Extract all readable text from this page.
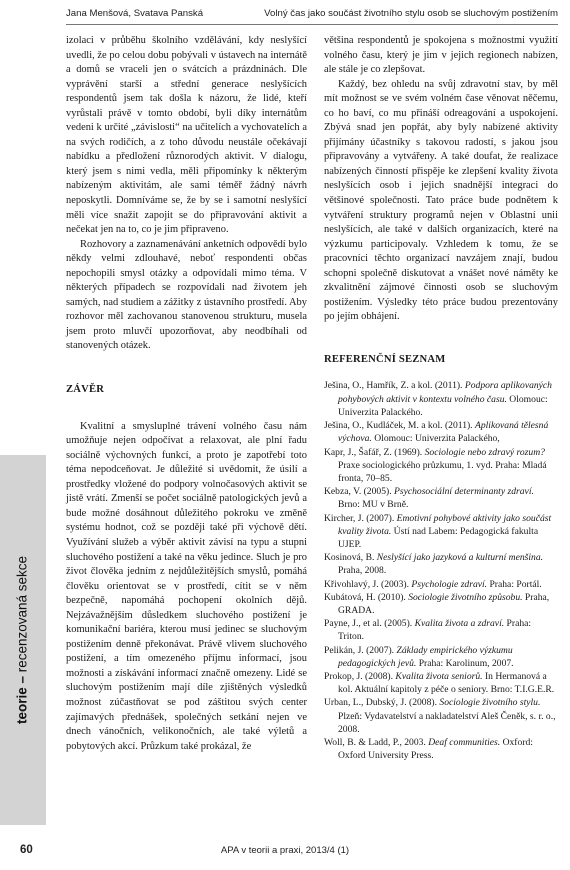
Jana Menšová, Svatava Panská	Volný čas jako součást životního stylu osob se sluchovým postižením
teorie – recenzovaná sekce

izolaci v průběhu školního vzdělávání, kdy neslyšící uvedli, že po celou dobu pobývali v ústavech na internátě a domů se vraceli jen o svátcích a prázdninách. Dle vyprávění starší a střední generace neslyšících respondentů jsem tak došla k názoru, že lidé, kteří vyrůstali právě v tomto období, byli díky internátům vedeni k určité „závislosti“ na učitelích a vychovatelích a na svých rodičích, a z toho důvodu neustále očekávají nabídku a předložení různorodých aktivit. V dialogu, který jsem s nimi vedla, měli připomínky k některým nabízeným aktivitám, ale sami téměř žádný návrh neposkytli. Domníváme se, že by se i samotní neslyšící měli více snažit zapojit se do připravování aktivit a nečekat jen na to, co je jim připraveno.

Rozhovory a zaznamenávání anketních odpovědí bylo někdy velmi zdlouhavé, neboť respondenti občas nepochopili smysl otázky a odpovídali mimo téma. V některých případech se rozpovídali nad životem jeh samých, nad studiem a zážitky z ústavního prostředí. Aby rozhovor měl zachovanou stanovenou strukturu, musela jsem proto mluvčí upozorňovat, aby neodbíhali od stanovených otázek.

ZÁVĚR

Kvalitní a smysluplné trávení volného času nám umožňuje nejen odpočívat a relaxovat, ale plní řadu sociálně výchovných funkcí, a proto je zapotřebí toto téma nepodceňovat. Je důležité si uvědomit, že úsilí a prostředky vložené do podpory volnočasových aktivit se jistě vrátí. Zmenší se počet sociálně patologických jevů a bude možné dosáhnout důležitého pokroku ve změně systému hodnot, což se později také při výchově dětí. Využívání služeb a výběr aktivit závisí na typu a stupni sluchového postižení a také na věku jedince. Sluch je pro život člověka jedním z nejdůležitějších smyslů, pomáhá člověku orientovat se v prostředí, cítit se v něm bezpečně, napomáhá pochopení okolních dějů. Nejzávažnějším důsledkem sluchového postižení je komunikační bariéra, kterou musí jedinec se sluchovým postižením denně překonávat. Právě vlivem sluchového postižení, a tím omezeného příjmu informací, jsou možnosti a získávání informací značně omezeny. Lidé se sluchovým postižením mají díle zjištěných výsledků možnost zúčastňovat se pod záštitou svých center zajímavých přednášek, společných setkání nejen ve dnech vánočních, velikonočních, ale také výletů a pobytových akcí. Průzkum také prokázal, že

většina respondentů je spokojena s možnostmi využití volného času, který je jim v jejich regionech nabízen, ale stále je co zlepšovat.

Každý, bez ohledu na svůj zdravotní stav, by měl mít možnost se ve svém volném čase věnovat něčemu, co ho baví, co mu přináší odreagování a uspokojení. Zbývá snad jen popřát, aby byly nabízené aktivity přijímány účastníky s takovou radostí, s jakou jsou připravovány a vytvářeny. A také doufat, že realizace nabízených činností přispěje ke zlepšení kvality života neslyšících osob i jejich snadnější integraci do většinové společnosti. Tato práce bude podnětem k vytváření struktury programů nejen v Oblastní unii neslyšících, ale také v dalších organizacích, které na výzkumu participovaly. Vzhledem k tomu, že se pracovníci těchto organizací navzájem znají, budou schopni společně diskutovat a vnášet nové náměty ke zkvalitnění zájmové činnosti osob se sluchovým postižením. Výsledky této práce budou prezentovány po jejím obhájení.

REFERENČNÍ SEZNAM

Ješina, O., Hamřík, Z. a kol. (2011). Podpora aplikovaných pohybových aktivit v kontextu volného času. Olomouc: Univerzita Palackého.

Ješina, O., Kudláček, M. a kol. (2011). Aplikovaná tělesná výchova. Olomouc: Univerzita Palackého,

Kapr, J., Šafář, Z. (1969). Sociologie nebo zdravý rozum? Praxe sociologického průzkumu, 1. vyd. Praha: Mladá fronta, 70–85.

Kebza, V. (2005). Psychosociální determinanty zdraví. Brno: MU v Brně.

Kircher, J. (2007). Emotivní pohybové aktivity jako součást kvality života. Ústí nad Labem: Pedagogická fakulta UJEP.

Kosinová, B. Neslyšící jako jazyková a kulturní menšina. Praha, 2008.

Křivohlavý, J. (2003). Psychologie zdraví. Praha: Portál.

Kubátová, H. (2010). Sociologie životního způsobu. Praha, GRADA.

Payne, J., et al. (2005). Kvalita života a zdraví. Praha: Triton.

Pelikán, J. (2007). Základy empirického výzkumu pedagogických jevů. Praha: Karolinum, 2007.

Prokop, J. (2008). Kvalita života seniorů. In Hermanová a kol. Aktuální kapitoly z péče o seniory. Brno: T.I.G.E.R.

Urban, L., Dubský, J. (2008). Sociologie životního stylu. Plzeň: Vydavatelství a nakladatelství Aleš Čeněk, s. r. o., 2008.

Woll, B. & Ladd, P., 2003. Deaf communities. Oxford: Oxford University Press.

60	APA v teorii a praxi, 2013/4 (1)
